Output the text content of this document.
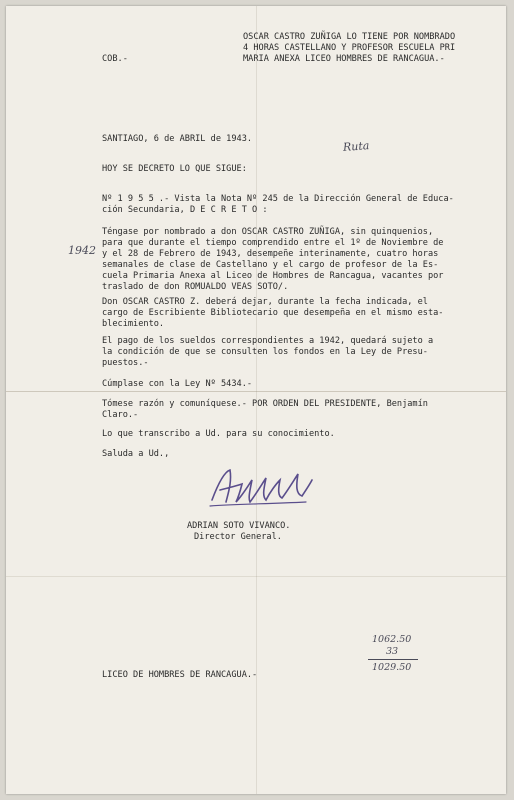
COB.-
OSCAR CASTRO ZUÑIGA LO TIENE POR NOMBRADO
4 HORAS CASTELLANO Y PROFESOR ESCUELA PRI
MARIA ANEXA LICEO HOMBRES DE RANCAGUA.-
SANTIAGO, 6 de ABRIL de 1943.
Ruta
HOY SE DECRETO LO QUE SIGUE:
Nº 1 9 5 5 .- Vista la Nota Nº 245 de la Dirección General de Educa-
ción Secundaria, D E C R E T O :
Téngase por nombrado a don OSCAR CASTRO ZUÑIGA, sin quinquenios,
para que durante el tiempo comprendido entre el 1º de Noviembre de
y el 28 de Febrero de 1943, desempeñe interinamente, cuatro horas
semanales de clase de Castellano y el cargo de profesor de la Es-
cuela Primaria Anexa al Liceo de Hombres de Rancagua, vacantes por
traslado de don ROMUALDO VEAS SOTO/.
1942
Don OSCAR CASTRO Z. deberá dejar, durante la fecha indicada, el
cargo de Escribiente Bibliotecario que desempeña en el mismo esta-
blecimiento.
El pago de los sueldos correspondientes a 1942, quedará sujeto a
la condición de que se consulten los fondos en la Ley de Presu-
puestos.-
Cúmplase con la Ley Nº 5434.-
Tómese razón y comuníquese.- POR ORDEN DEL PRESIDENTE, Benjamín
Claro.-
Lo que transcribo a Ud. para su conocimiento.
Saluda a Ud.,
ADRIAN SOTO VIVANCO.
Director General.
1062.50
33
1029.50
LICEO DE HOMBRES DE RANCAGUA.-
